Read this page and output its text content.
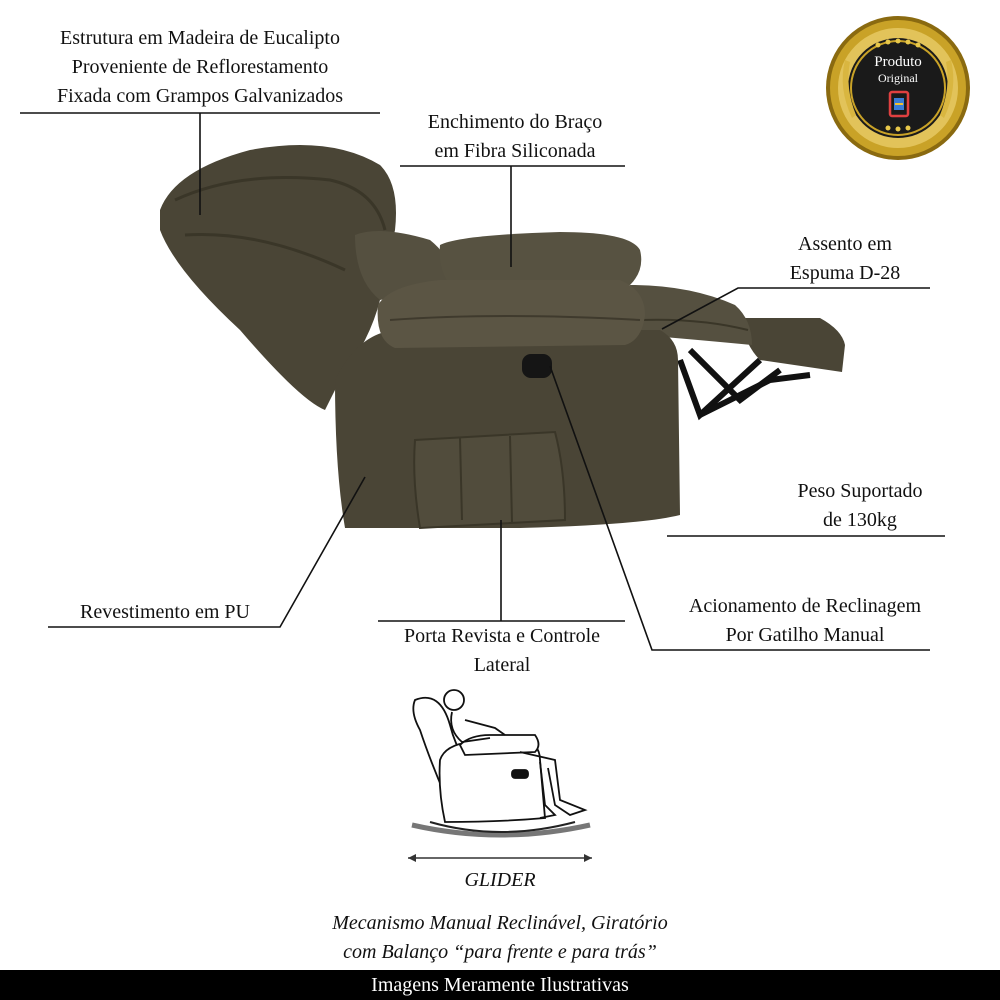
Produto
Original
Estrutura em Madeira de Eucalipto
Proveniente de Reflorestamento
Fixada com Grampos Galvanizados
Enchimento do Braço
em Fibra Siliconada
Assento em
Espuma D-28
Peso Suportado
de 130kg
Revestimento em PU
Porta Revista e Controle
Lateral
Acionamento de Reclinagem
Por Gatilho Manual
GLIDER
Mecanismo Manual Reclinável, Giratório
com Balanço “para frente e para trás”
Imagens Meramente Ilustrativas
